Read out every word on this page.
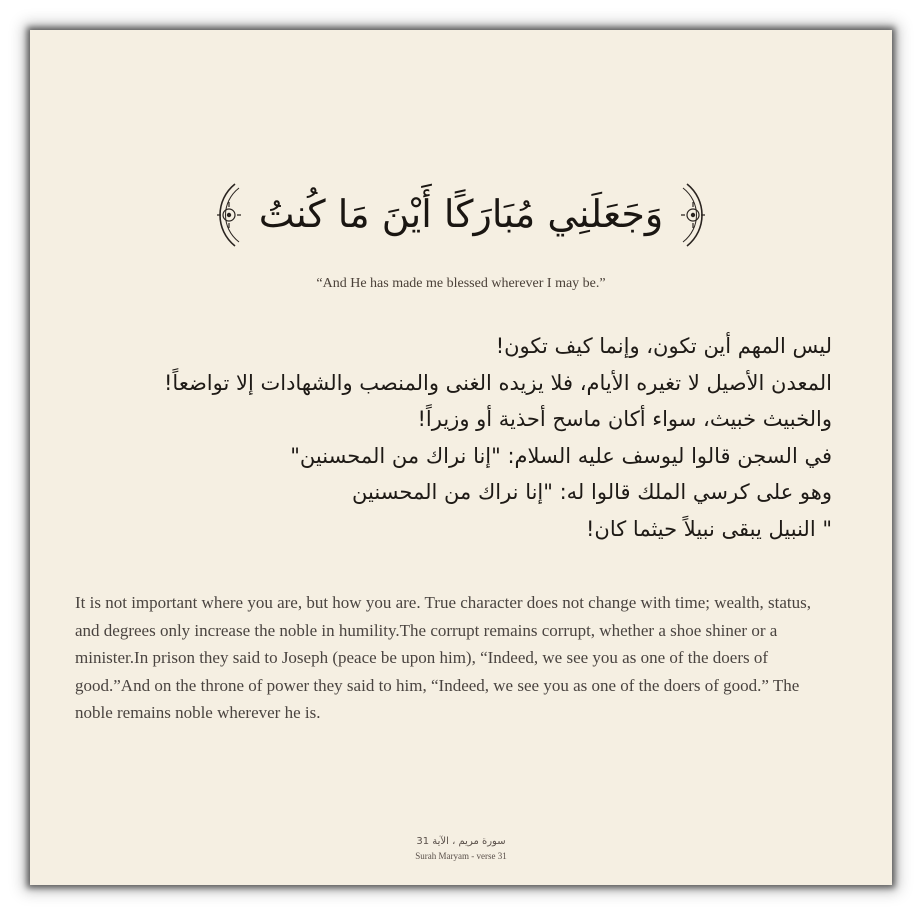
وَجَعَلَنِي مُبَارَكًا أَيْنَ مَا كُنتُ
“And He has made me blessed wherever I may be.”
ليس المهم أين تكون، وإنما كيف تكون!
المعدن الأصيل لا تغيره الأيام، فلا يزيده الغنى والمنصب والشهادات إلا تواضعاً!
والخبيث خبيث، سواء أكان ماسح أحذية أو وزيراً!
في السجن قالوا ليوسف عليه السلام: "إنا نراك من المحسنين"
وهو على كرسي الملك قالوا له: "إنا نراك من المحسنين
" النبيل يبقى نبيلاً حيثما كان!
It is not important where you are, but how you are. True character does not change with time; wealth, status, and degrees only increase the noble in humility.The corrupt remains corrupt, whether a shoe shiner or a minister.In prison they said to Joseph (peace be upon him), “Indeed, we see you as one of the doers of good.”And on the throne of power they said to him, “Indeed, we see you as one of the doers of good.” The noble remains noble wherever he is.
سورة مريم ، الآية 31
Surah Maryam - verse 31
